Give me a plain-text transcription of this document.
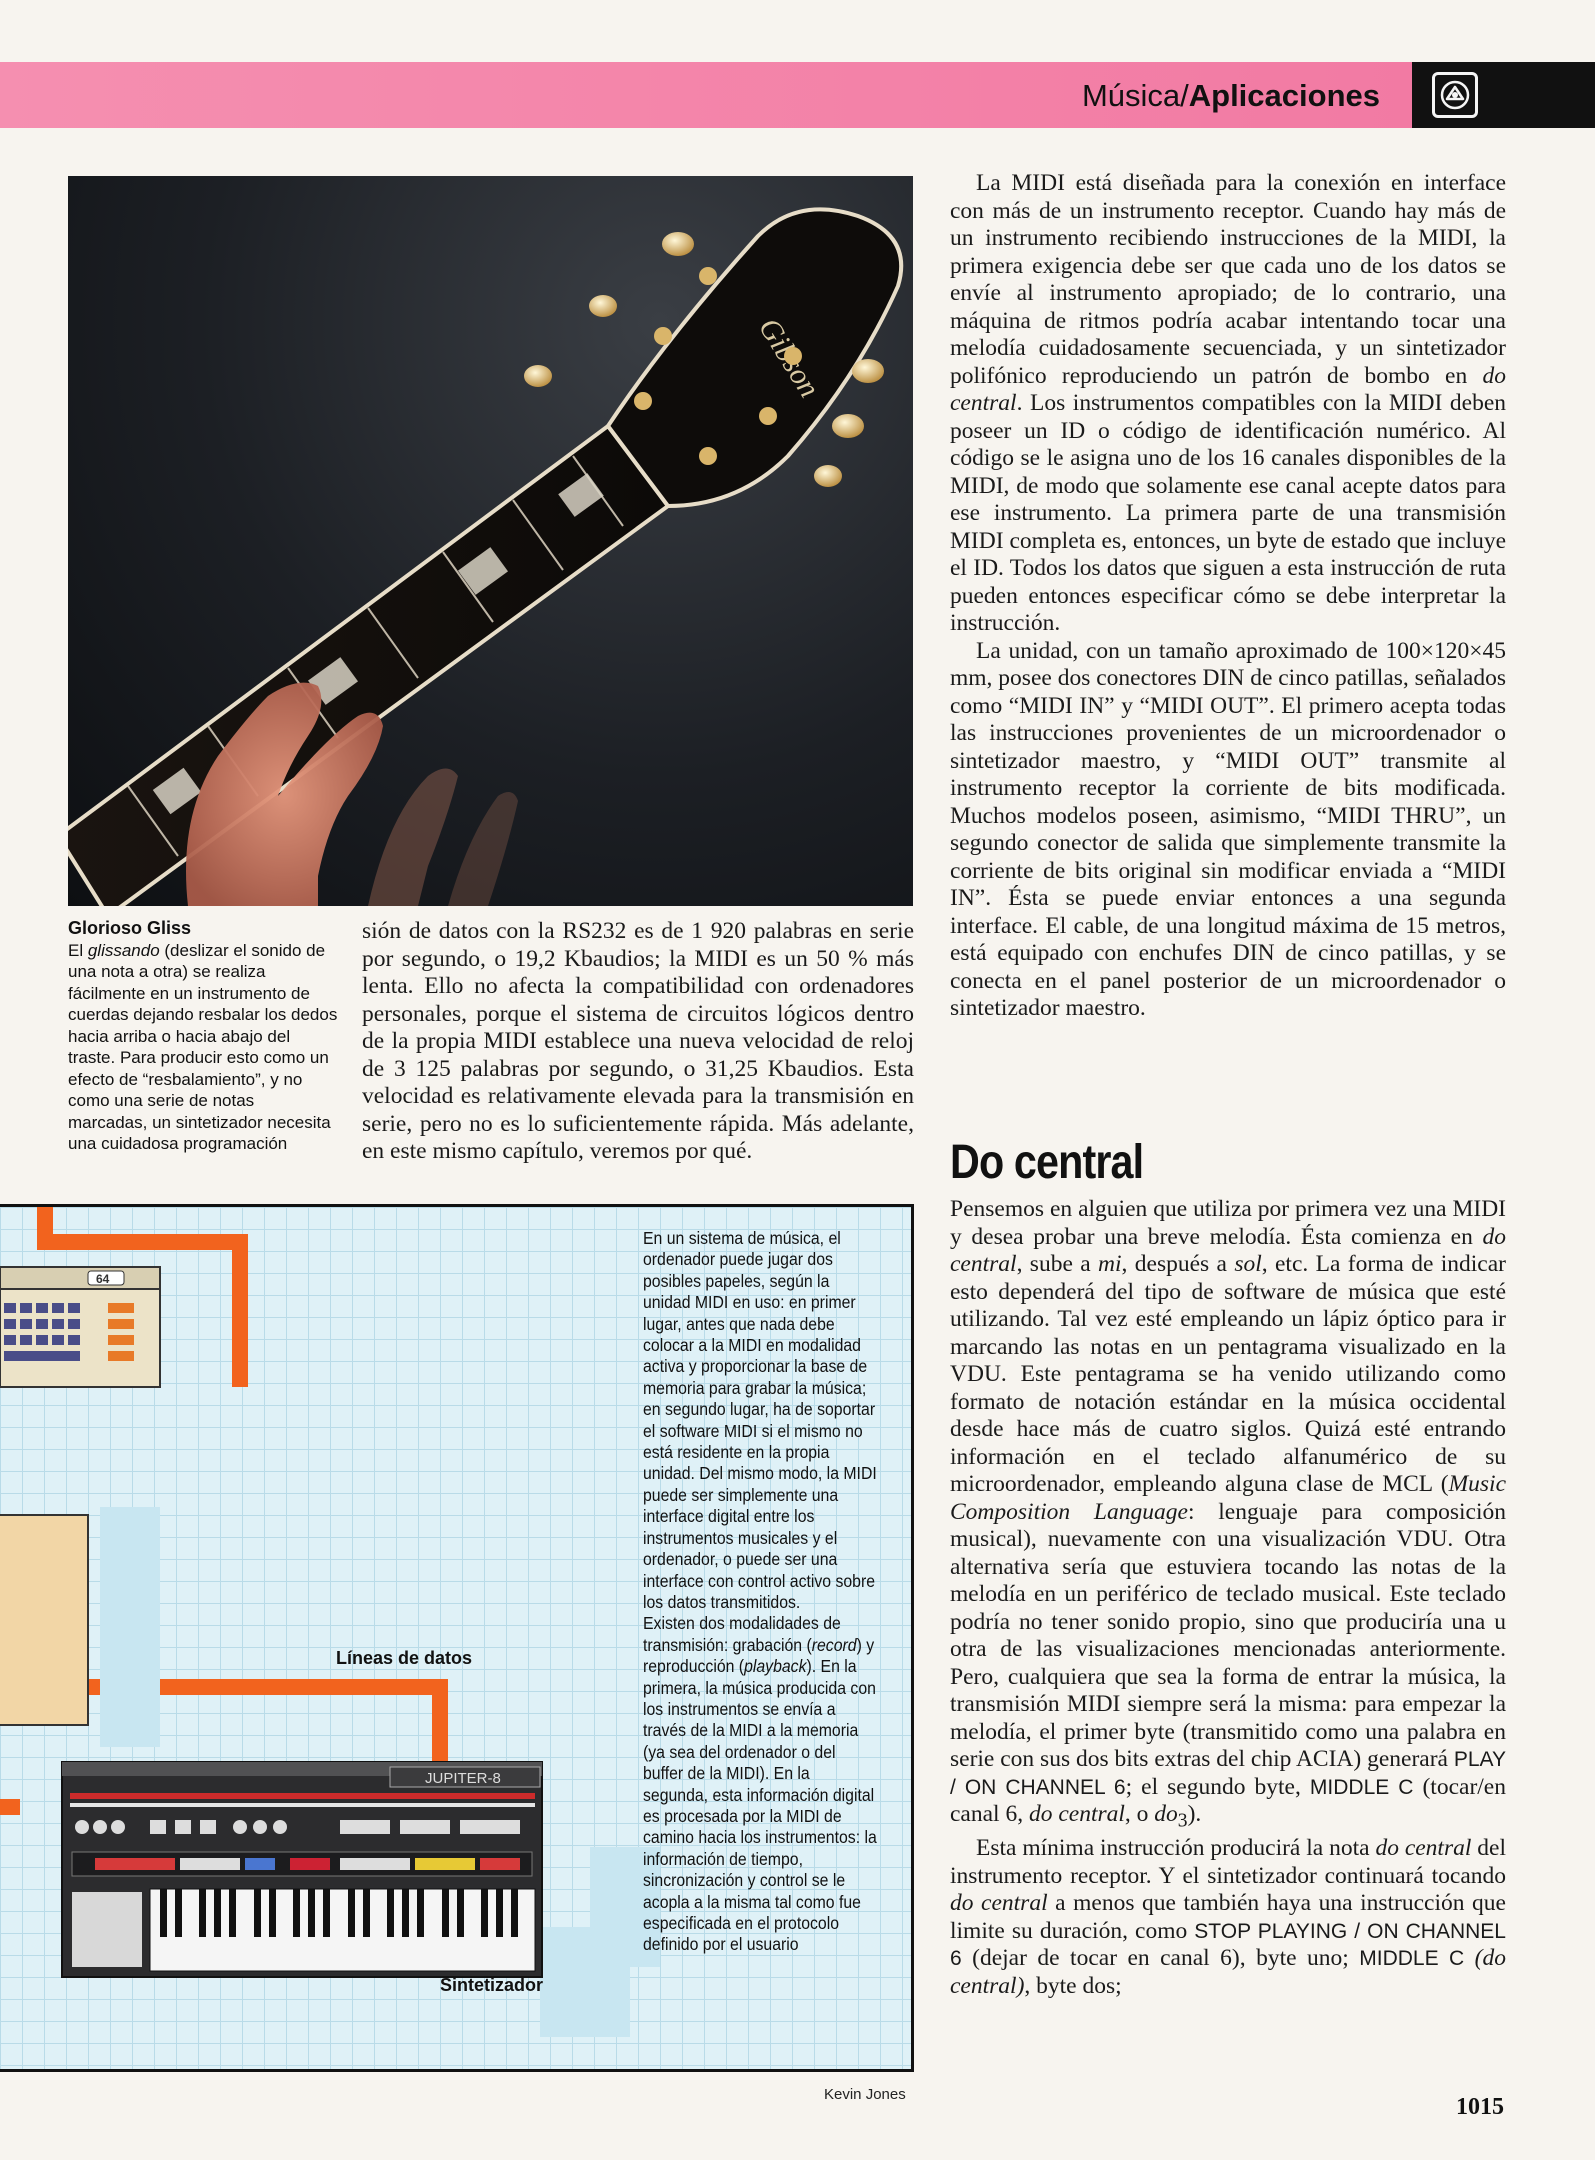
Música/Aplicaciones
Glorioso Gliss
El glissando (deslizar el sonido de una nota a otra) se realiza fácilmente en un instrumento de cuerdas dejando resbalar los dedos hacia arriba o hacia abajo del traste. Para producir esto como un efecto de “resbalamiento”, y no como una serie de notas marcadas, un sintetizador necesita una cuidadosa programación

sión de datos con la RS232 es de 1 920 palabras en serie por segundo, o 19,2 Kbaudios; la MIDI es un 50 % más lenta. Ello no afecta la compatibilidad con ordenadores personales, porque el sistema de circuitos lógicos dentro de la propia MIDI establece una nueva velocidad de reloj de 3 125 palabras por segundo, o 31,25 Kbaudios. Esta velocidad es relativamente elevada para la transmisión en serie, pero no es lo suficientemente rápida. Más adelante, en este mismo capítulo, veremos por qué.

La MIDI está diseñada para la conexión en interface con más de un instrumento receptor. Cuando hay más de un instrumento recibiendo instrucciones de la MIDI, la primera exigencia debe ser que cada uno de los datos se envíe al instrumento apropiado; de lo contrario, una máquina de ritmos podría acabar intentando tocar una melodía cuidadosamente secuenciada, y un sintetizador polifónico reproduciendo un patrón de bombo en do central. Los instrumentos compatibles con la MIDI deben poseer un ID o código de identificación numérico. Al código se le asigna uno de los 16 canales disponibles de la MIDI, de modo que solamente ese canal acepte datos para ese instrumento. La primera parte de una transmisión MIDI completa es, entonces, un byte de estado que incluye el ID. Todos los datos que siguen a esta instrucción de ruta pueden entonces especificar cómo se debe interpretar la instrucción.

La unidad, con un tamaño aproximado de 100×120×45 mm, posee dos conectores DIN de cinco patillas, señalados como “MIDI IN” y “MIDI OUT”. El primero acepta todas las instrucciones provenientes de un microordenador o sintetizador maestro, y “MIDI OUT” transmite al instrumento receptor la corriente de bits modificada. Muchos modelos poseen, asimismo, “MIDI THRU”, un segundo conector de salida que simplemente transmite la corriente de bits original sin modificar enviada a “MIDI IN”. Ésta se puede enviar entonces a una segunda interface. El cable, de una longitud máxima de 15 metros, está equipado con enchufes DIN de cinco patillas, y se conecta en el panel posterior de un microordenador o sintetizador maestro.

Do central

Pensemos en alguien que utiliza por primera vez una MIDI y desea probar una breve melodía. Ésta comienza en do central, sube a mi, después a sol, etc. La forma de indicar esto dependerá del tipo de software de música que esté utilizando. Tal vez esté empleando un lápiz óptico para ir marcando las notas en un pentagrama visualizado en la VDU. Este pentagrama se ha venido utilizando como formato de notación estándar en la música occidental desde hace más de cuatro siglos. Quizá esté entrando información en el teclado alfanumérico de su microordenador, empleando alguna clase de MCL (Music Composition Language: lenguaje para composición musical), nuevamente con una visualización VDU. Otra alternativa sería que estuviera tocando las notas de la melodía en un periférico de teclado musical. Este teclado podría no tener sonido propio, sino que produciría una u otra de las visualizaciones mencionadas anteriormente. Pero, cualquiera que sea la forma de entrar la música, la transmisión MIDI siempre será la misma: para empezar la melodía, el primer byte (transmitido como una palabra en serie con sus dos bits extras del chip ACIA) generará PLAY / ON CHANNEL 6; el segundo byte, MIDDLE C (tocar/en canal 6, do central, o $do_3$).

Esta mínima instrucción producirá la nota do central del instrumento receptor. Y el sintetizador continuará tocando do central a menos que también haya una instrucción que limite su duración, como STOP PLAYING / ON CHANNEL 6 (dejar de tocar en canal 6), byte uno; MIDDLE C (do central), byte dos;

64
JUPITER-8
En un sistema de música, el ordenador puede jugar dos posibles papeles, según la unidad MIDI en uso: en primer lugar, antes que nada debe colocar a la MIDI en modalidad activa y proporcionar la base de memoria para grabar la música; en segundo lugar, ha de soportar el software MIDI si el mismo no está residente en la propia unidad. Del mismo modo, la MIDI puede ser simplemente una interface digital entre los instrumentos musicales y el ordenador, o puede ser una interface con control activo sobre los datos transmitidos.
Existen dos modalidades de transmisión: grabación (record) y reproducción (playback). En la primera, la música producida con los instrumentos se envía a través de la MIDI a la memoria (ya sea del ordenador o del buffer de la MIDI). En la segunda, esta información digital es procesada por la MIDI de camino hacia los instrumentos: la información de tiempo, sincronización y control se le acopla a la misma tal como fue especificada en el protocolo definido por el usuario
Líneas de datos
Sintetizador
Kevin Jones	1015
